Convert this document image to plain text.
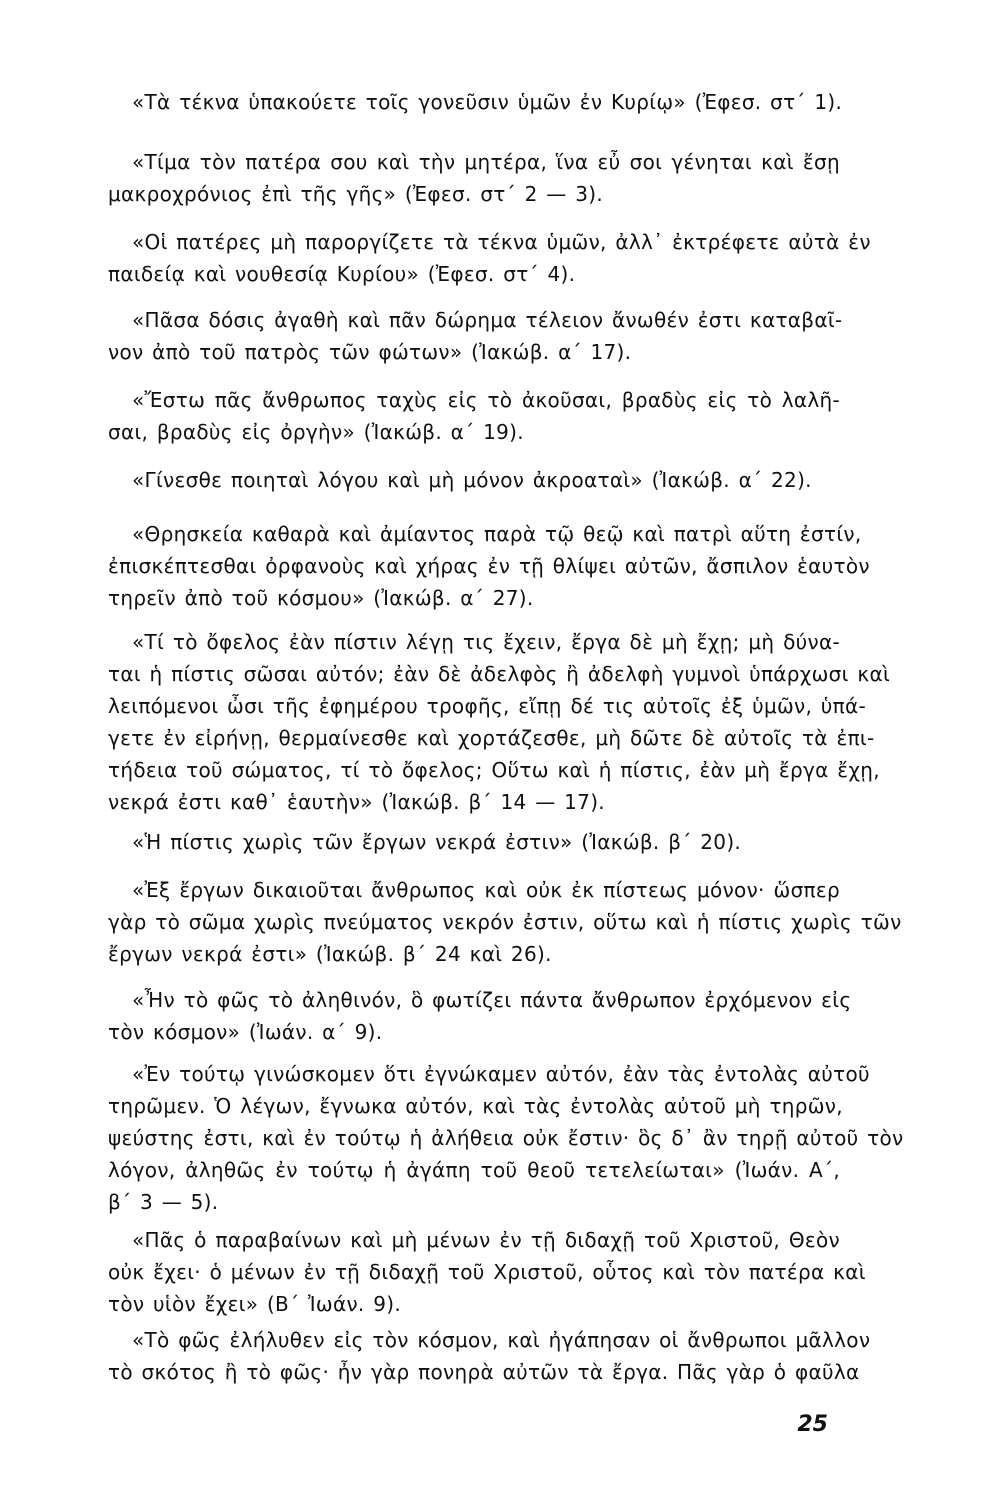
«Τὰ τέκνα ὑπακούετε τοῖς γονεῦσιν ὑμῶν ἐν Κυρίῳ» (Ἐφεσ. στ΄ 1).
«Τίμα τὸν πατέρα σου καὶ τὴν μητέρα, ἵνα εὖ σοι γένηται καὶ ἔσῃ
μακροχρόνιος ἐπὶ τῆς γῆς» (Ἐφεσ. στ΄ 2 — 3).
«Οἱ πατέρες μὴ παροργίζετε τὰ τέκνα ὑμῶν, ἀλλ᾽ ἐκτρέφετε αὐτὰ ἐν
παιδείᾳ καὶ νουθεσίᾳ Κυρίου» (Ἐφεσ. στ΄ 4).
«Πᾶσα δόσις ἀγαθὴ καὶ πᾶν δώρημα τέλειον ἄνωθέν ἐστι καταβαῖ-
νον ἀπὸ τοῦ πατρὸς τῶν φώτων» (Ἰακώβ. α΄ 17).
«Ἔστω πᾶς ἄνθρωπος ταχὺς εἰς τὸ ἀκοῦσαι, βραδὺς εἰς τὸ λαλῆ-
σαι, βραδὺς εἰς ὀργὴν» (Ἰακώβ. α΄ 19).
«Γίνεσθε ποιηταὶ λόγου καὶ μὴ μόνον ἀκροαταὶ» (Ἰακώβ. α΄ 22).
«Θρησκεία καθαρὰ καὶ ἀμίαντος παρὰ τῷ θεῷ καὶ πατρὶ αὕτη ἐστίν,
ἐπισκέπτεσθαι ὀρφανοὺς καὶ χήρας ἐν τῇ θλίψει αὐτῶν, ἄσπιλον ἑαυτὸν
τηρεῖν ἀπὸ τοῦ κόσμου» (Ἰακώβ. α΄ 27).
«Τί τὸ ὄφελος ἐὰν πίστιν λέγῃ τις ἔχειν, ἔργα δὲ μὴ ἔχῃ; μὴ δύνα-
ται ἡ πίστις σῶσαι αὐτόν; ἐὰν δὲ ἀδελφὸς ἢ ἀδελφὴ γυμνοὶ ὑπάρχωσι καὶ
λειπόμενοι ὦσι τῆς ἐφημέρου τροφῆς, εἴπῃ δέ τις αὐτοῖς ἐξ ὑμῶν, ὑπά-
γετε ἐν εἰρήνῃ, θερμαίνεσθε καὶ χορτάζεσθε, μὴ δῶτε δὲ αὐτοῖς τὰ ἐπι-
τήδεια τοῦ σώματος, τί τὸ ὄφελος; Οὕτω καὶ ἡ πίστις, ἐὰν μὴ ἔργα ἔχῃ,
νεκρά ἐστι καθ᾽ ἑαυτὴν» (Ἰακώβ. β΄ 14 — 17).
«Ἡ πίστις χωρὶς τῶν ἔργων νεκρά ἐστιν» (Ἰακώβ. β΄ 20).
«Ἐξ ἔργων δικαιοῦται ἄνθρωπος καὶ οὐκ ἐκ πίστεως μόνον· ὥσπερ
γὰρ τὸ σῶμα χωρὶς πνεύματος νεκρόν ἐστιν, οὕτω καὶ ἡ πίστις χωρὶς τῶν
ἔργων νεκρά ἐστι» (Ἰακώβ. β΄ 24 καὶ 26).
«Ἦν τὸ φῶς τὸ ἀληθινόν, ὃ φωτίζει πάντα ἄνθρωπον ἐρχόμενον εἰς
τὸν κόσμον» (Ἰωάν. α΄ 9).
«Ἐν τούτῳ γινώσκομεν ὅτι ἐγνώκαμεν αὐτόν, ἐὰν τὰς ἐντολὰς αὐτοῦ
τηρῶμεν. Ὁ λέγων, ἔγνωκα αὐτόν, καὶ τὰς ἐντολὰς αὐτοῦ μὴ τηρῶν,
ψεύστης ἐστι, καὶ ἐν τούτῳ ἡ ἀλήθεια οὐκ ἔστιν· ὃς δ᾽ ἂν τηρῇ αὐτοῦ τὸν
λόγον, ἀληθῶς ἐν τούτῳ ἡ ἀγάπη τοῦ θεοῦ τετελείωται» (Ἰωάν. Α΄,
β΄ 3 — 5).
«Πᾶς ὁ παραβαίνων καὶ μὴ μένων ἐν τῇ διδαχῇ τοῦ Χριστοῦ, Θεὸν
οὐκ ἔχει· ὁ μένων ἐν τῇ διδαχῇ τοῦ Χριστοῦ, οὗτος καὶ τὸν πατέρα καὶ
τὸν υἱὸν ἔχει» (Β΄ Ἰωάν. 9).
«Τὸ φῶς ἐλήλυθεν εἰς τὸν κόσμον, καὶ ἠγάπησαν οἱ ἄνθρωποι μᾶλλον
τὸ σκότος ἢ τὸ φῶς· ἦν γὰρ πονηρὰ αὐτῶν τὰ ἔργα. Πᾶς γὰρ ὁ φαῦλα
25
